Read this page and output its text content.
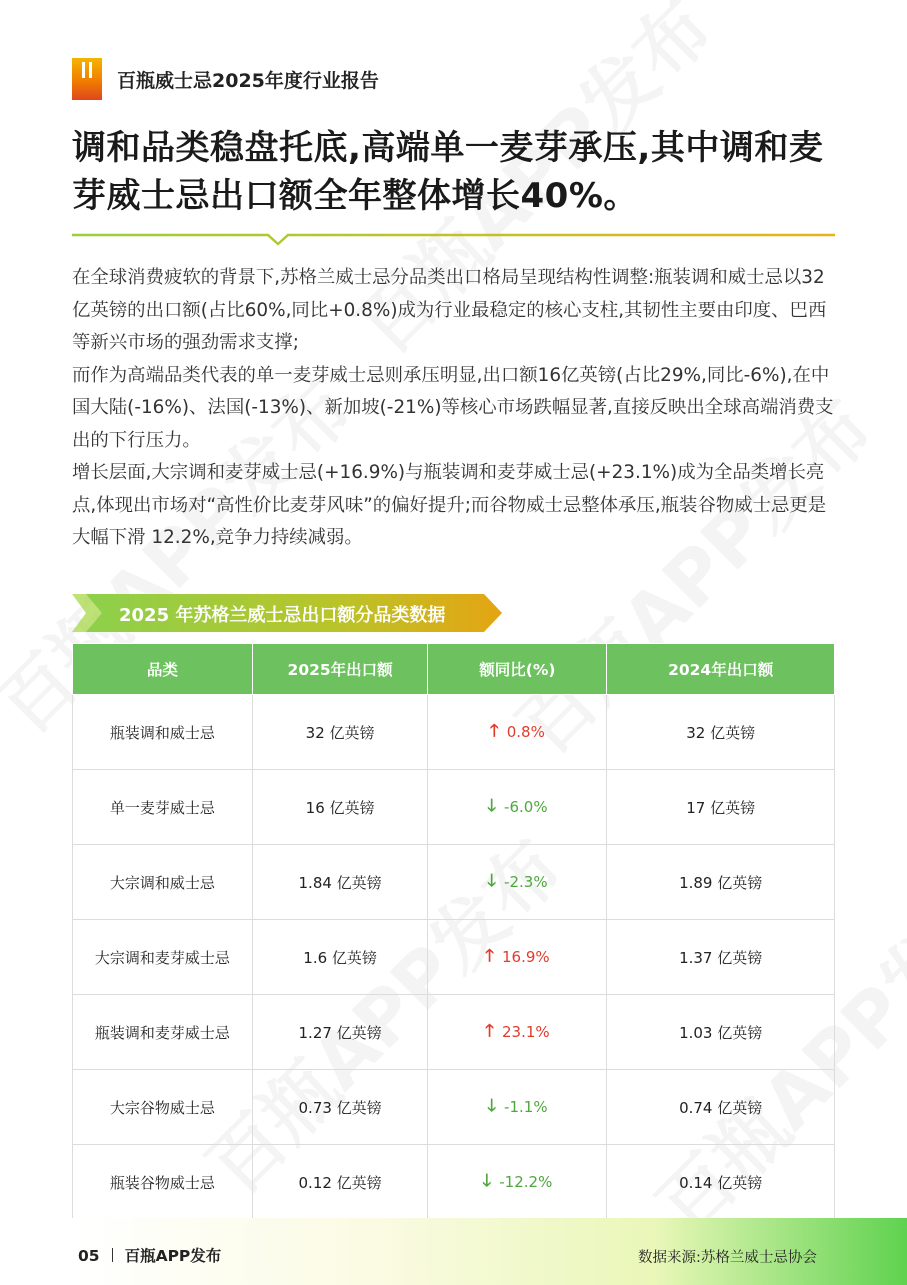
百瓶威士忌2025年度行业报告
调和品类稳盘托底,高端单一麦芽承压,其中调和麦
芽威士忌出口额全年整体增长40%。

在全球消费疲软的背景下,苏格兰威士忌分品类出口格局呈现结构性调整:瓶装调和威士忌以32亿英镑的出口额(占比60%,同比+0.8%)成为行业最稳定的核心支柱,其韧性主要由印度、巴西等新兴市场的强劲需求支撑;

而作为高端品类代表的单一麦芽威士忌则承压明显,出口额16亿英镑(占比29%,同比-6%),在中国大陆(-16%)、法国(-13%)、新加坡(-21%)等核心市场跌幅显著,直接反映出全球高端消费支出的下行压力。

增长层面,大宗调和麦芽威士忌(+16.9%)与瓶装调和麦芽威士忌(+23.1%)成为全品类增长亮点,体现出市场对“高性价比麦芽风味”的偏好提升;而谷物威士忌整体承压,瓶装谷物威士忌更是大幅下滑 12.2%,竞争力持续减弱。

2025 年苏格兰威士忌出口额分品类数据
品类	2025年出口额	额同比(%)	2024年出口额
瓶装调和威士忌	32 亿英镑	🡑 0.8%	32 亿英镑
单一麦芽威士忌	16 亿英镑	🡓 -6.0%	17 亿英镑
大宗调和威士忌	1.84 亿英镑	🡓 -2.3%	1.89 亿英镑
大宗调和麦芽威士忌	1.6 亿英镑	🡑 16.9%	1.37 亿英镑
瓶装调和麦芽威士忌	1.27 亿英镑	🡑 23.1%	1.03 亿英镑
大宗谷物威士忌	0.73 亿英镑	🡓 -1.1%	0.74 亿英镑
瓶装谷物威士忌	0.12 亿英镑	🡓 -12.2%	0.14 亿英镑
05 百瓶APP发布	数据来源:苏格兰威士忌协会
